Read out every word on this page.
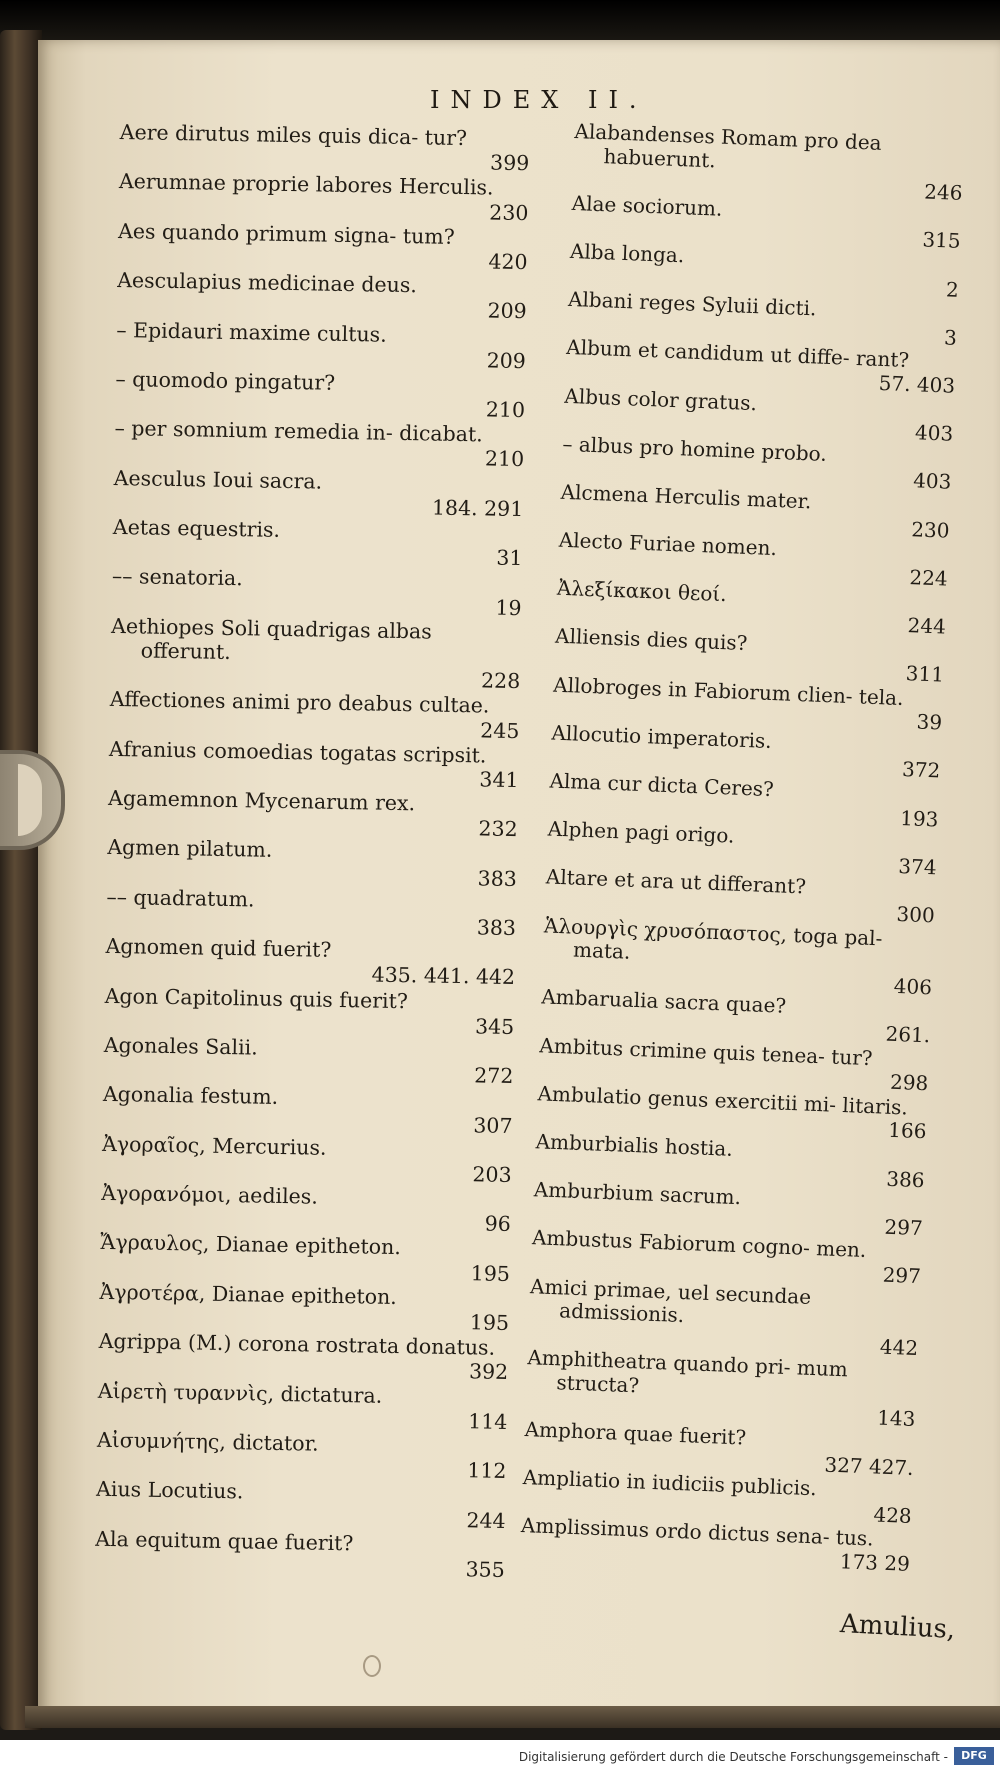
INDEX II.
Aere dirutus miles quis dica- tur?
399
Aerumnae proprie labores Herculis.
230
Aes quando primum signa- tum?
420
Aesculapius medicinae deus.
209
– Epidauri maxime cultus.
209
– quomodo pingatur?
210
– per somnium remedia in- dicabat.
210
Aesculus Ioui sacra.
184. 291
Aetas equestris.
31
–– senatoria.
19
Aethiopes Soli quadrigas albas offerunt.
228
Affectiones animi pro deabus cultae.
245
Afranius comoedias togatas scripsit.
341
Agamemnon Mycenarum rex.
232
Agmen pilatum.
383
–– quadratum.
383
Agnomen quid fuerit?
435. 441. 442
Agon Capitolinus quis fuerit?
345
Agonales Salii.
272
Agonalia festum.
307
Ἀγοραῖος, Mercurius.
203
Ἀγορανόμοι, aediles.
96
Ἄγραυλος, Dianae epitheton.
195
Ἀγροτέρα, Dianae epitheton.
195
Agrippa (M.) corona rostrata donatus.
392
Αἱρετὴ τυραννὶς, dictatura.
114
Αἰσυμνήτης, dictator.
112
Aius Locutius.
244
Ala equitum quae fuerit?
355
Alabandenses Romam pro dea habuerunt.
246
Alae sociorum.
315
Alba longa.
2
Albani reges Syluii dicti.
3
Album et candidum ut diffe- rant?
57. 403
Albus color gratus.
403
– albus pro homine probo.
403
Alcmena Herculis mater.
230
Alecto Furiae nomen.
224
Ἀλεξίκακοι θεοί.
244
Alliensis dies quis?
311
Allobroges in Fabiorum clien- tela.
39
Allocutio imperatoris.
372
Alma cur dicta Ceres?
193
Alphen pagi origo.
374
Altare et ara ut differant?
300
Ἁλουργὶς χρυσόπαστος, toga pal- mata.
406
Ambarualia sacra quae?
261.
Ambitus crimine quis tenea- tur?
298
Ambulatio genus exercitii mi- litaris.
166
Amburbialis hostia.
386
Amburbium sacrum.
297
Ambustus Fabiorum cogno- men.
297
Amici primae, uel secundae admissionis.
442
Amphitheatra quando pri- mum structa?
143
Amphora quae fuerit?
327 427.
Ampliatio in iudiciis publicis.
428
Amplissimus ordo dictus sena- tus.
173 29
Amulius,
Digitalisierung gefördert durch die Deutsche Forschungsgemeinschaft -	DFG
